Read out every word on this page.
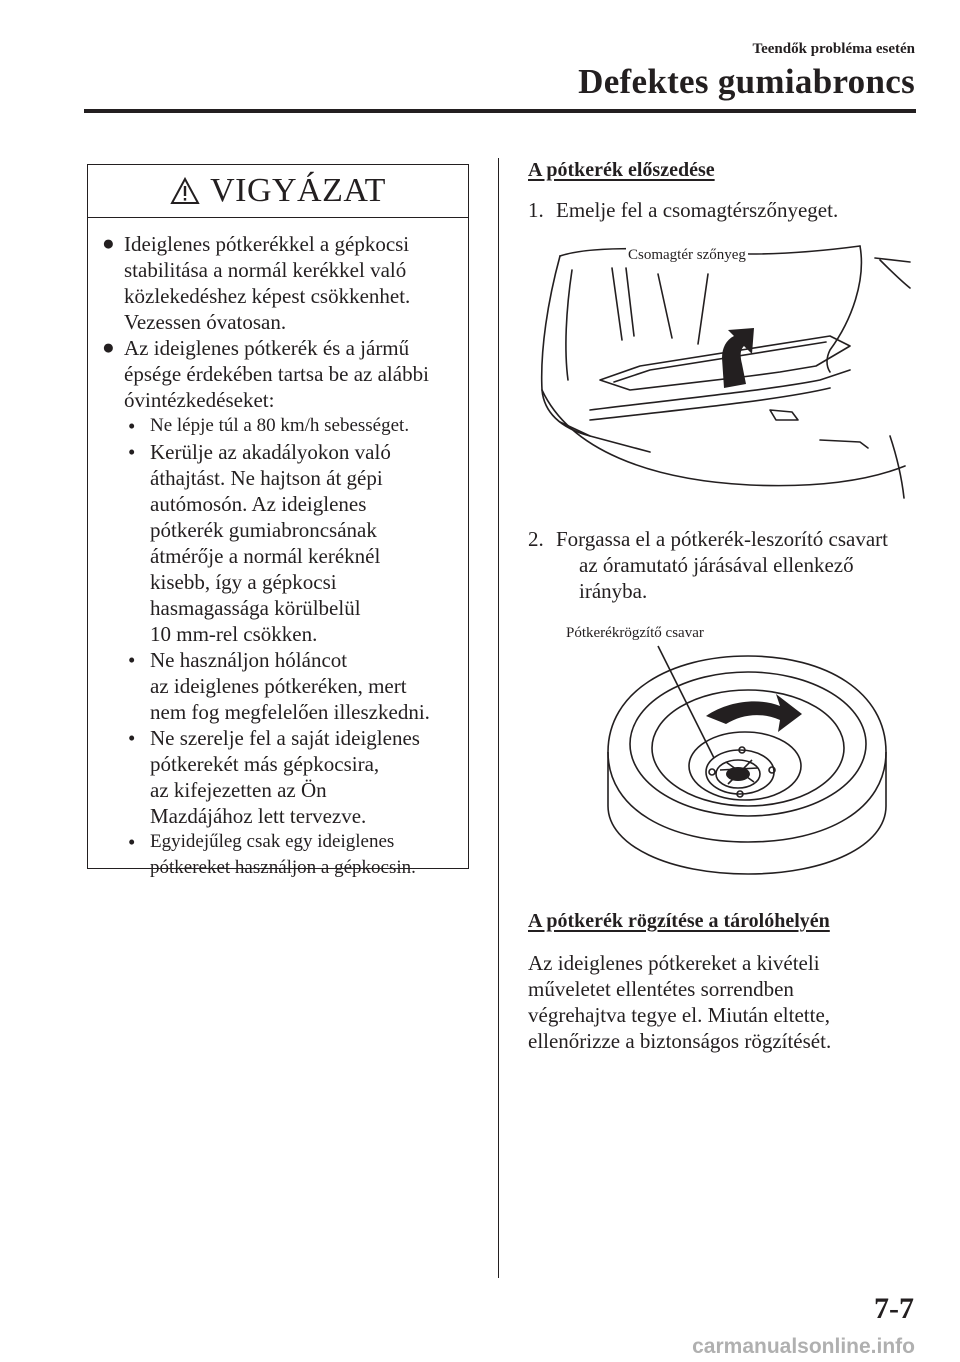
Teendők probléma esetén
Defektes gumiabroncs
VIGYÁZAT
● Ideiglenes pótkerékkel a gépkocsi
stabilitása a normál kerékkel való
közlekedéshez képest csökkenhet.
Vezessen óvatosan.
● Az ideiglenes pótkerék és a jármű
épsége érdekében tartsa be az alábbi
óvintézkedéseket:
• Ne lépje túl a 80 km/h sebességet.
• Kerülje az akadályokon való
áthajtást. Ne hajtson át gépi
autómosón. Az ideiglenes
pótkerék gumiabroncsának
átmérője a normál keréknél
kisebb, így a gépkocsi
hasmagassága körülbelül
10 mm-rel csökken.
• Ne használjon hóláncot
az ideiglenes pótkeréken, mert
nem fog megfelelően illeszkedni.
• Ne szerelje fel a saját ideiglenes
pótkerekét más gépkocsira,
az kifejezetten az Ön
Mazdájához lett tervezve.
• Egyidejűleg csak egy ideiglenes
pótkereket használjon a gépkocsin.
A pótkerék előszedése
1. Emelje fel a csomagtérszőnyeget.
Csomagtér szőnyeg
2. Forgassa el a pótkerék-leszorító csavart
az óramutató járásával ellenkező
irányba.
Pótkerékrögzítő csavar
A pótkerék rögzítése a tárolóhelyén
Az ideiglenes pótkereket a kivételi
műveletet ellentétes sorrendben
végrehajtva tegye el. Miután eltette,
ellenőrizze a biztonságos rögzítését.
7-7
carmanualsonline.info
